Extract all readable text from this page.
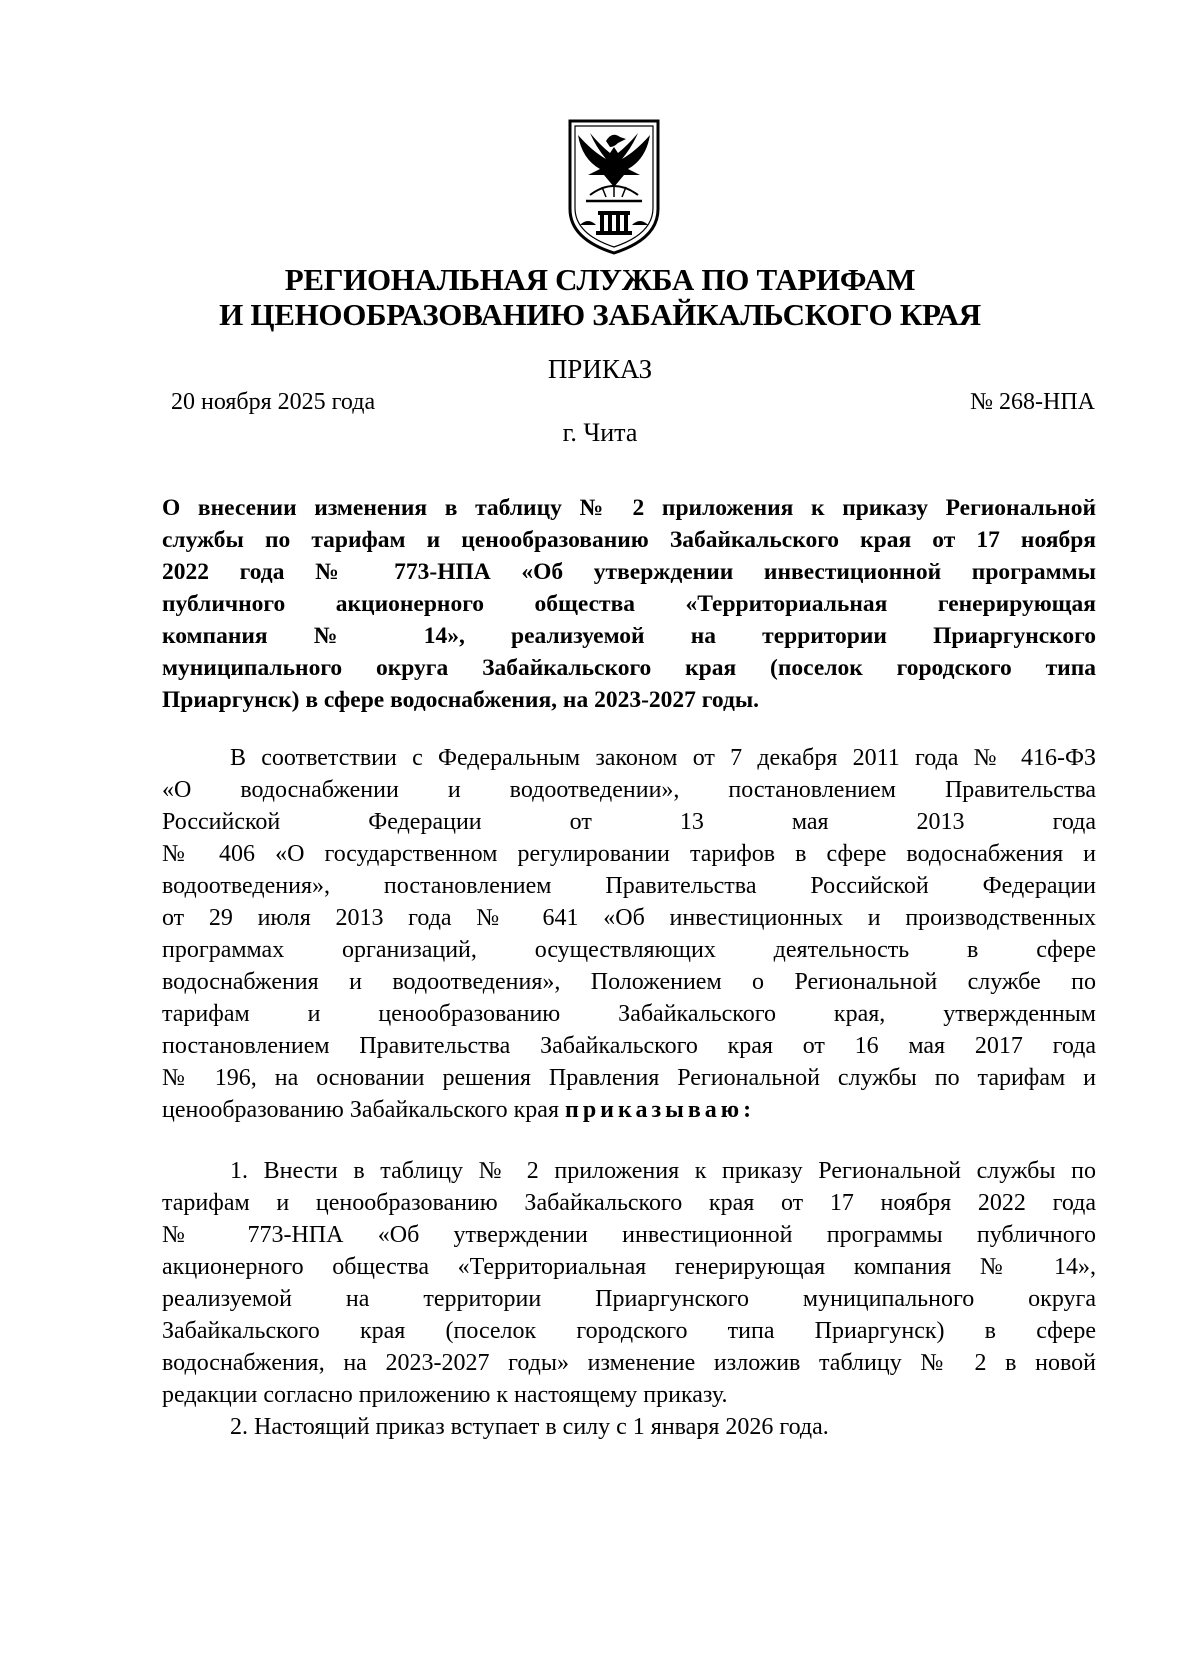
РЕГИОНАЛЬНАЯ СЛУЖБА ПО ТАРИФАМ
И ЦЕНООБРАЗОВАНИЮ ЗАБАЙКАЛЬСКОГО КРАЯ
ПРИКАЗ
20 ноября 2025 года	№ 268-НПА
г. Чита
О внесении изменения в таблицу № 2 приложения к приказу Региональной
службы по тарифам и ценообразованию Забайкальского края от 17 ноября
2022 года № 773-НПА «Об утверждении инвестиционной программы
публичного акционерного общества «Территориальная генерирующая
компания № 14», реализуемой на территории Приаргунского
муниципального округа Забайкальского края (поселок городского типа
Приаргунск) в сфере водоснабжения, на 2023-2027 годы.
В соответствии с Федеральным законом от 7 декабря 2011 года № 416-ФЗ
«О водоснабжении и водоотведении», постановлением Правительства
Российской Федерации от 13 мая 2013 года
№ 406 «О государственном регулировании тарифов в сфере водоснабжения и
водоотведения», постановлением Правительства Российской Федерации
от 29 июля 2013 года № 641 «Об инвестиционных и производственных
программах организаций, осуществляющих деятельность в сфере
водоснабжения и водоотведения», Положением о Региональной службе по
тарифам и ценообразованию Забайкальского края, утвержденным
постановлением Правительства Забайкальского края от 16 мая 2017 года
№ 196, на основании решения Правления Региональной службы по тарифам и
ценообразованию Забайкальского края приказываю:
1. Внести в таблицу № 2 приложения к приказу Региональной службы по
тарифам и ценообразованию Забайкальского края от 17 ноября 2022 года
№ 773-НПА «Об утверждении инвестиционной программы публичного
акционерного общества «Территориальная генерирующая компания № 14»,
реализуемой на территории Приаргунского муниципального округа
Забайкальского края (поселок городского типа Приаргунск) в сфере
водоснабжения, на 2023-2027 годы» изменение изложив таблицу № 2 в новой
редакции согласно приложению к настоящему приказу.
2. Настоящий приказ вступает в силу с 1 января 2026 года.
